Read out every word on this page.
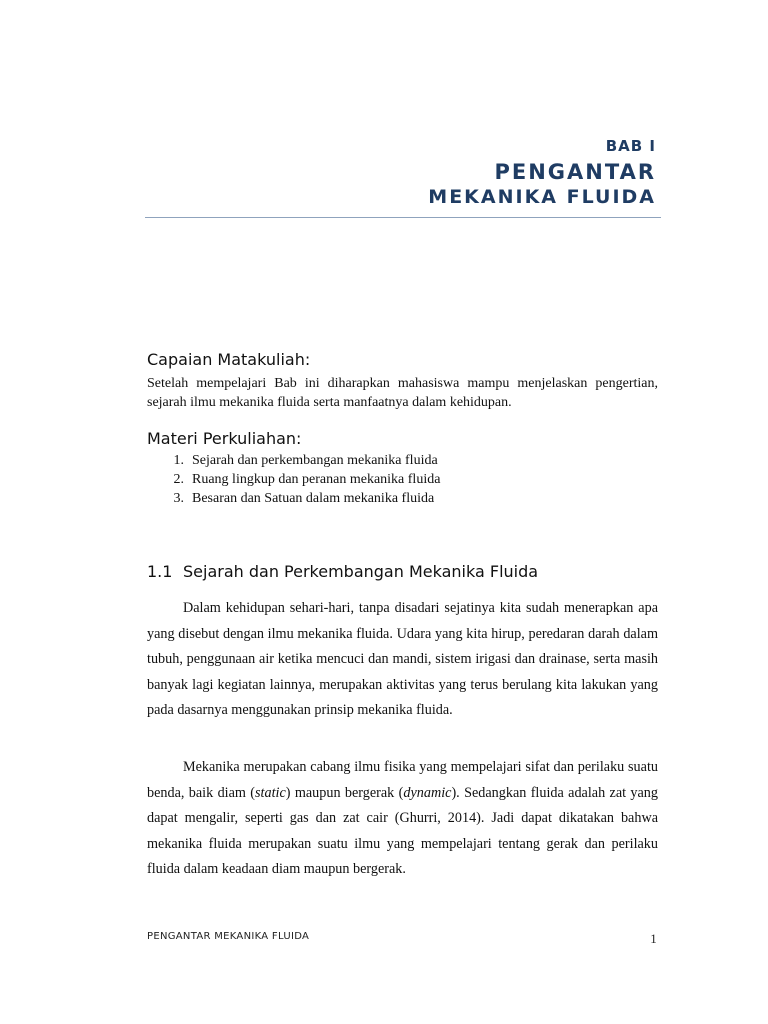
BAB I
PENGANTAR
MEKANIKA FLUIDA
Capaian Matakuliah:
Setelah mempelajari Bab ini diharapkan mahasiswa mampu menjelaskan pengertian, sejarah ilmu mekanika fluida serta manfaatnya dalam kehidupan.
Materi Perkuliahan:
1. Sejarah dan perkembangan mekanika fluida
2. Ruang lingkup dan peranan mekanika fluida
3. Besaran dan Satuan dalam mekanika fluida
1.1 Sejarah dan Perkembangan Mekanika Fluida
Dalam kehidupan sehari-hari, tanpa disadari sejatinya kita sudah menerapkan apa yang disebut dengan ilmu mekanika fluida. Udara yang kita hirup, peredaran darah dalam tubuh, penggunaan air ketika mencuci dan mandi, sistem irigasi dan drainase, serta masih banyak lagi kegiatan lainnya, merupakan aktivitas yang terus berulang kita lakukan yang pada dasarnya menggunakan prinsip mekanika fluida.
Mekanika merupakan cabang ilmu fisika yang mempelajari sifat dan perilaku suatu benda, baik diam (static) maupun bergerak (dynamic). Sedangkan fluida adalah zat yang dapat mengalir, seperti gas dan zat cair (Ghurri, 2014). Jadi dapat dikatakan bahwa mekanika fluida merupakan suatu ilmu yang mempelajari tentang gerak dan perilaku fluida dalam keadaan diam maupun bergerak.
PENGANTAR MEKANIKA FLUIDA	1
